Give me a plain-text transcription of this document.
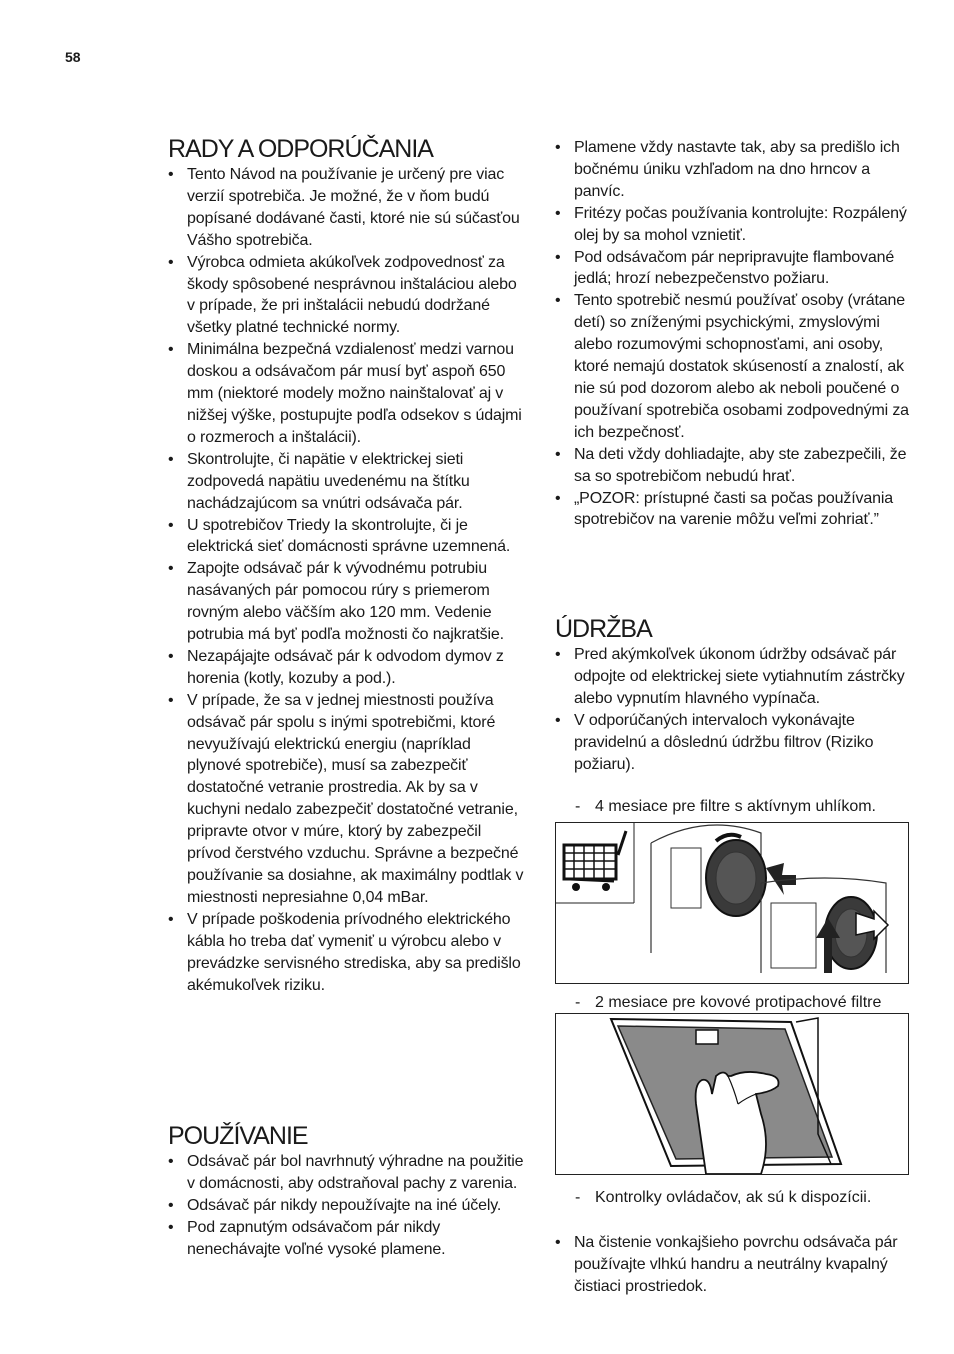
58
RADY A ODPORÚČANIA
• Tento Návod na používanie je určený pre viac verzií spotrebiča. Je možné, že v ňom budú popísané dodávané časti, ktoré nie sú súčasťou Vášho spotrebiča.
• Výrobca odmieta akúkoľvek zodpovednosť za škody spôsobené nesprávnou inštaláciou alebo v prípade, že pri inštalácii nebudú dodržané všetky platné technické normy.
• Minimálna bezpečná vzdialenosť medzi varnou doskou a odsávačom pár musí byť aspoň 650 mm (niektoré modely možno nainštalovať aj v nižšej výške, postupujte podľa odsekov s údajmi o rozmeroch a inštalácii).
• Skontrolujte, či napätie v elektrickej sieti zodpovedá napätiu uvedenému na štítku nachádzajúcom sa vnútri odsávača pár.
• U spotrebičov Triedy Ia skontrolujte, či je elektrická sieť domácnosti správne uzemnená.
• Zapojte odsávač pár k vývodnému potrubiu nasávaných pár pomocou rúry s priemerom rovným alebo väčším ako 120 mm. Vedenie potrubia má byť podľa možnosti čo najkratšie.
• Nezapájajte odsávač pár k odvodom dymov z horenia (kotly, kozuby a pod.).
• V prípade, že sa v jednej miestnosti používa odsávač pár spolu s inými spotrebičmi, ktoré nevyužívajú elektrickú energiu (napríklad plynové spotrebiče), musí sa zabezpečiť dostatočné vetranie prostredia. Ak by sa v kuchyni nedalo zabezpečiť dostatočné vetranie, pripravte otvor v múre, ktorý by zabezpečil prívod čerstvého vzduchu. Správne a bezpečné používanie sa dosiahne, ak maximálny podtlak v miestnosti nepresiahne 0,04 mBar.
• V prípade poškodenia prívodného elektrického kábla ho treba dať vymeniť u výrobcu alebo v prevádzke servisného strediska, aby sa predišlo akémukoľvek riziku.
POUŽÍVANIE
• Odsávač pár bol navrhnutý výhradne na použitie v domácnosti, aby odstraňoval pachy z varenia.
• Odsávač pár nikdy nepoužívajte na iné účely.
• Pod zapnutým odsávačom pár nikdy nenechávajte voľné vysoké plamene.
• Plamene vždy nastavte tak, aby sa predišlo ich bočnému úniku vzhľadom na dno hrncov a panvíc.
• Fritézy počas používania kontrolujte: Rozpálený olej by sa mohol vznietiť.
• Pod odsávačom pár nepripravujte flambované jedlá; hrozí nebezpečenstvo požiaru.
• Tento spotrebič nesmú používať osoby (vrátane detí) so zníženými psychickými, zmyslovými alebo rozumovými schopnosťami, ani osoby, ktoré nemajú dostatok skúseností a znalostí, ak nie sú pod dozorom alebo ak neboli poučené o používaní spotrebiča osobami zodpovednými za ich bezpečnosť.
• Na deti vždy dohliadajte, aby ste zabezpečili, že sa so spotrebičom nebudú hrať.
• „POZOR: prístupné časti sa počas používania spotrebičov na varenie môžu veľmi zohriať.”
ÚDRŽBA
• Pred akýmkoľvek úkonom údržby odsávač pár odpojte od elektrickej siete vytiahnutím zástrčky alebo vypnutím hlavného vypínača.
• V odporúčaných intervaloch vykonávajte pravidelnú a dôslednú údržbu filtrov (Riziko požiaru).
- 4 mesiace pre filtre s aktívnym uhlíkom.
- 2 mesiace pre kovové protipachové filtre
- Kontrolky ovládačov, ak sú k dispozícii.
• Na čistenie vonkajšieho povrchu odsávača pár používajte vlhkú handru a neutrálny kvapalný čistiaci prostriedok.
